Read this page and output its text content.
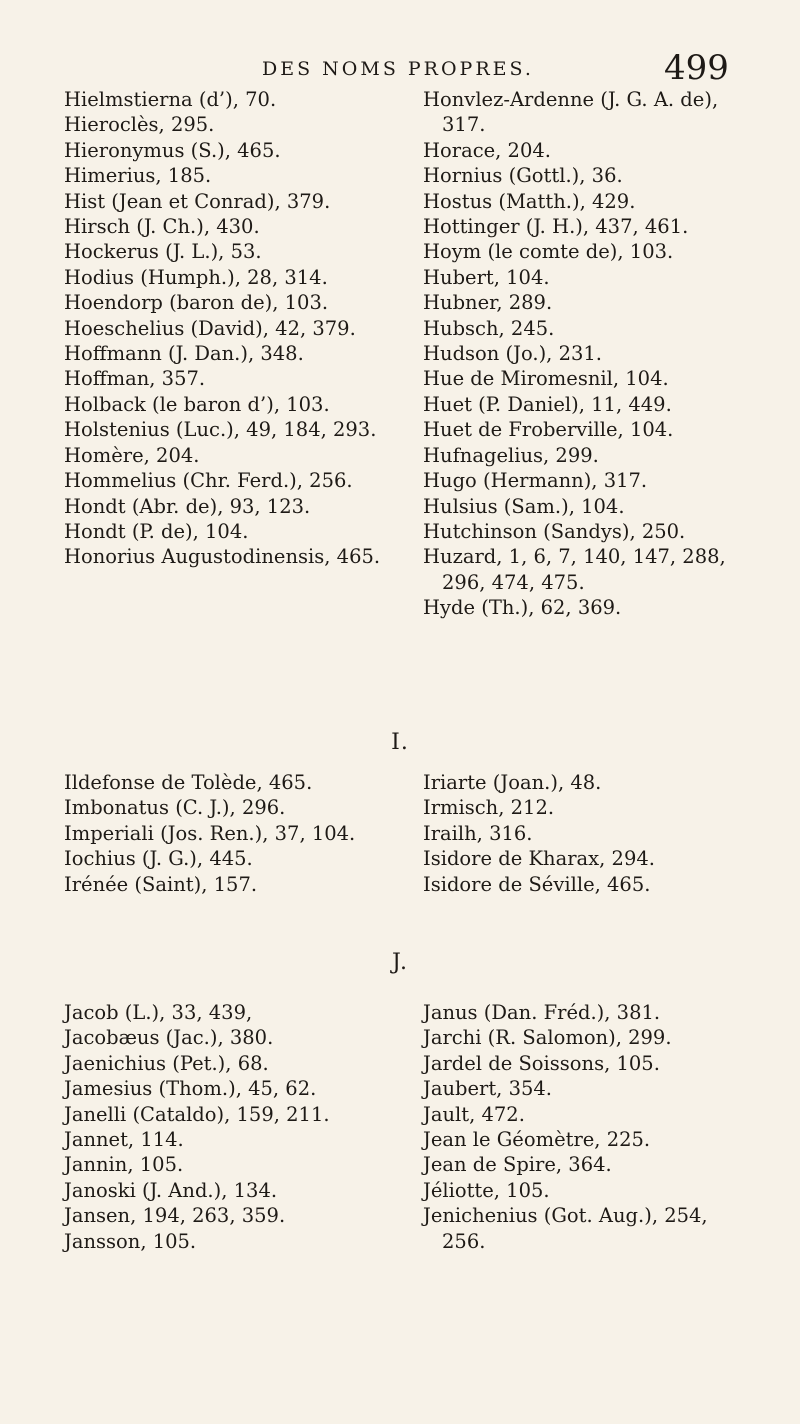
DES NOMS PROPRES.	499

Hielmstierna (d’), 70.

Hieroclès, 295.

Hieronymus (S.), 465.

Himerius, 185.

Hist (Jean et Conrad), 379.

Hirsch (J. Ch.), 430.

Hockerus (J. L.), 53.

Hodius (Humph.), 28, 314.

Hoendorp (baron de), 103.

Hoeschelius (David), 42, 379.

Hoffmann (J. Dan.), 348.

Hoffman, 357.

Holback (le baron d’), 103.

Holstenius (Luc.), 49, 184, 293.

Homère, 204.

Hommelius (Chr. Ferd.), 256.

Hondt (Abr. de), 93, 123.

Hondt (P. de), 104.

Honorius Augustodinensis, 465.

Honvlez-Ardenne (J. G. A. de), 317.

Horace, 204.

Hornius (Gottl.), 36.

Hostus (Matth.), 429.

Hottinger (J. H.), 437, 461.

Hoym (le comte de), 103.

Hubert, 104.

Hubner, 289.

Hubsch, 245.

Hudson (Jo.), 231.

Hue de Miromesnil, 104.

Huet (P. Daniel), 11, 449.

Huet de Froberville, 104.

Hufnagelius, 299.

Hugo (Hermann), 317.

Hulsius (Sam.), 104.

Hutchinson (Sandys), 250.

Huzard, 1, 6, 7, 140, 147, 288, 296, 474, 475.

Hyde (Th.), 62, 369.

I.

Ildefonse de Tolède, 465.

Imbonatus (C. J.), 296.

Imperiali (Jos. Ren.), 37, 104.

Iochius (J. G.), 445.

Irénée (Saint), 157.

Iriarte (Joan.), 48.

Irmisch, 212.

Irailh, 316.

Isidore de Kharax, 294.

Isidore de Séville, 465.

J.

Jacob (L.), 33, 439,

Jacobæus (Jac.), 380.

Jaenichius (Pet.), 68.

Jamesius (Thom.), 45, 62.

Janelli (Cataldo), 159, 211.

Jannet, 114.

Jannin, 105.

Janoski (J. And.), 134.

Jansen, 194, 263, 359.

Jansson, 105.

Janus (Dan. Fréd.), 381.

Jarchi (R. Salomon), 299.

Jardel de Soissons, 105.

Jaubert, 354.

Jault, 472.

Jean le Géomètre, 225.

Jean de Spire, 364.

Jéliotte, 105.

Jenichenius (Got. Aug.), 254, 256.
